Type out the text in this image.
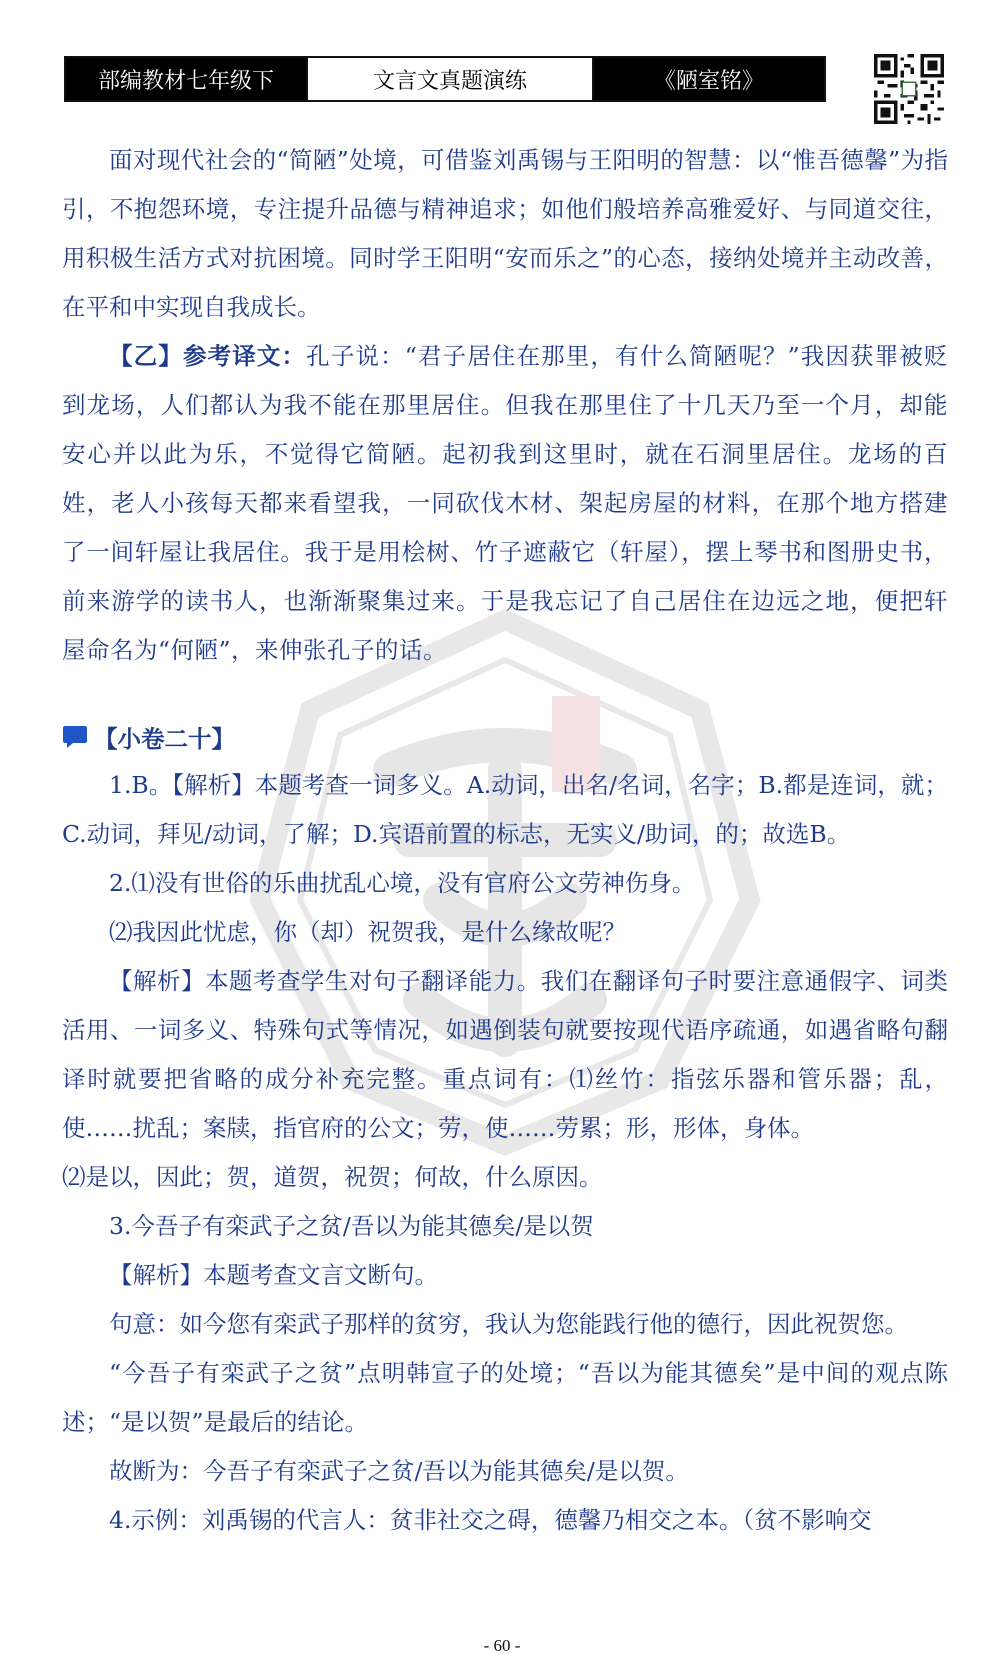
部编教材七年级下	文言文真题演练	《陋室铭》

面对现代社会的“简陋”处境，可借鉴刘禹锡与王阳明的智慧：以“惟吾德馨”为指引，不抱怨环境，专注提升品德与精神追求；如他们般培养高雅爱好、与同道交往，用积极生活方式对抗困境。同时学王阳明“安而乐之”的心态，接纳处境并主动改善，在平和中实现自我成长。

【乙】参考译文：孔子说：“君子居住在那里，有什么简陋呢？”我因获罪被贬到龙场，人们都认为我不能在那里居住。但我在那里住了十几天乃至一个月，却能安心并以此为乐，不觉得它简陋。起初我到这里时，就在石洞里居住。龙场的百姓，老人小孩每天都来看望我，一同砍伐木材、架起房屋的材料，在那个地方搭建了一间轩屋让我居住。我于是用桧树、竹子遮蔽它（轩屋），摆上琴书和图册史书，前来游学的读书人，也渐渐聚集过来。于是我忘记了自己居住在边远之地，便把轩屋命名为“何陋”，来伸张孔子的话。

【小卷二十】

1.B。【解析】本题考查一词多义。A.动词，出名/名词，名字；B.都是连词，就；C.动词，拜见/动词，了解；D.宾语前置的标志，无实义/助词，的；故选B。

2.⑴没有世俗的乐曲扰乱心境，没有官府公文劳神伤身。

⑵我因此忧虑，你（却）祝贺我，是什么缘故呢？

【解析】本题考查学生对句子翻译能力。我们在翻译句子时要注意通假字、词类活用、一词多义、特殊句式等情况，如遇倒装句就要按现代语序疏通，如遇省略句翻译时就要把省略的成分补充完整。重点词有：⑴丝竹：指弦乐器和管乐器；乱，使……扰乱；案牍，指官府的公文；劳，使……劳累；形，形体，身体。

⑵是以，因此；贺，道贺，祝贺；何故，什么原因。

3.今吾子有栾武子之贫/吾以为能其德矣/是以贺

【解析】本题考查文言文断句。

句意：如今您有栾武子那样的贫穷，我认为您能践行他的德行，因此祝贺您。

“今吾子有栾武子之贫”点明韩宣子的处境；“吾以为能其德矣”是中间的观点陈述；“是以贺”是最后的结论。

故断为：今吾子有栾武子之贫/吾以为能其德矣/是以贺。

4.示例：刘禹锡的代言人：贫非社交之碍，德馨乃相交之本。（贫不影响交

- 60 -
